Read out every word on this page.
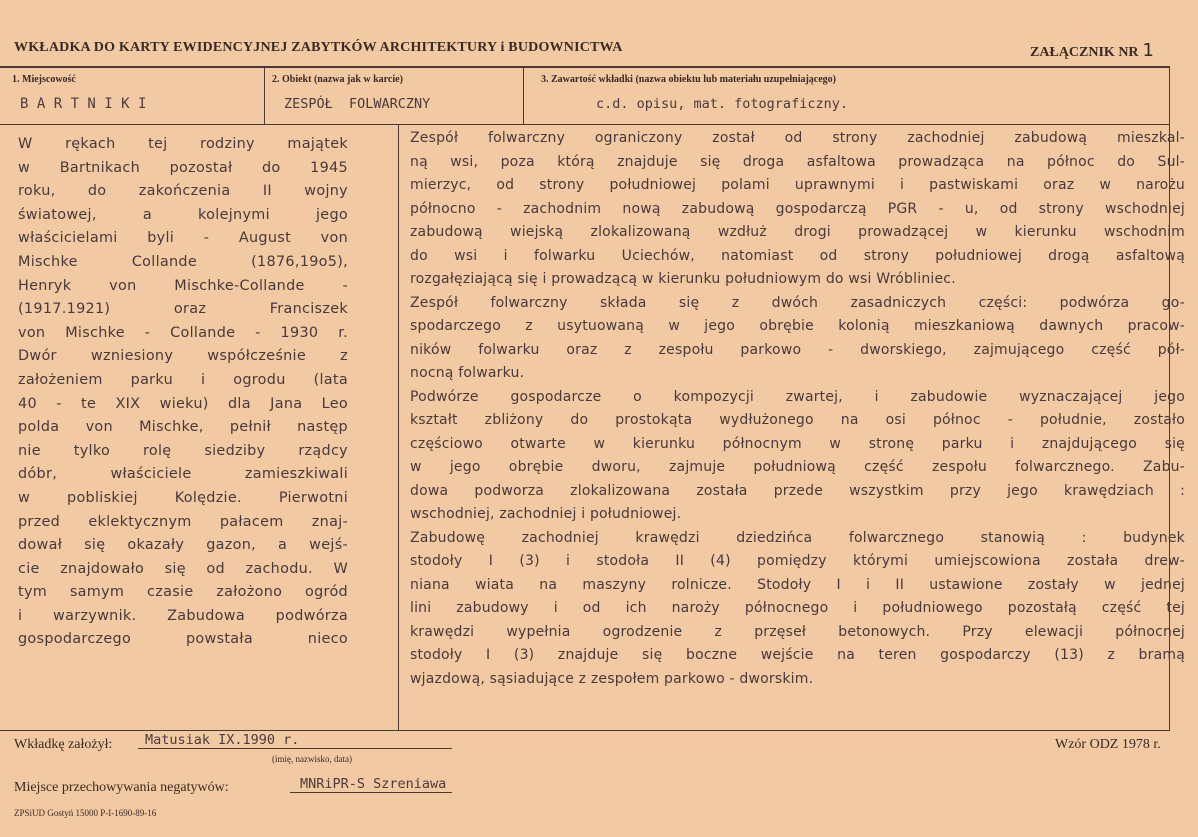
WKŁADKA DO KARTY EWIDENCYJNEJ ZABYTKÓW ARCHITEKTURY i BUDOWNICTWA	ZAŁĄCZNIK NR 1
1. Miejscowość	2. Obiekt (nazwa jak w karcie)	3. Zawartość wkładki (nazwa obiektu lub materiału uzupełniającego)
B A R T N I K I	ZESPÓŁ  FOLWARCZNY	c.d. opisu, mat. fotograficzny.
W rękach tej rodziny majątek
w Bartnikach pozostał do 1945
roku, do zakończenia II wojny
światowej, a kolejnymi jego
właścicielami byli - August von
Mischke Collande (1876,19o5),
Henryk von Mischke-Collande -
(1917.1921) oraz Franciszek
von Mischke - Collande - 1930 r.
Dwór wzniesiony współcześnie z
założeniem parku i ogrodu (lata
40 - te XIX wieku) dla Jana Leo
polda von Mischke, pełnił następ
nie tylko rolę siedziby rządcy
dóbr, właściciele zamieszkiwali
w pobliskiej Kolędzie. Pierwotni
przed eklektycznym pałacem znaj-
dował się okazały gazon, a wejś-
cie znajdowało się od zachodu. W
tym samym czasie założono ogród
i warzywnik. Zabudowa podwórza
gospodarczego powstała nieco
Zespół folwarczny ograniczony został od strony zachodniej zabudową mieszkal-
ną wsi, poza którą znajduje się droga asfaltowa prowadząca na północ do Sul-
mierzyc, od strony południowej polami uprawnymi i pastwiskami oraz w narożu
północno - zachodnim nową zabudową gospodarczą PGR - u, od strony wschodniej
zabudową wiejską zlokalizowaną wzdłuż drogi prowadzącej w kierunku wschodnim
do wsi i folwarku Uciechów, natomiast od strony południowej drogą asfaltową
rozgałęziającą się i prowadzącą w kierunku południowym do wsi Wróbliniec.
Zespół folwarczny składa się z dwóch zasadniczych części: podwórza go-
spodarczego z usytuowaną w jego obrębie kolonią mieszkaniową dawnych pracow-
ników folwarku oraz z zespołu parkowo - dworskiego, zajmującego część pół-
nocną folwarku.
Podwórze gospodarcze o kompozycji zwartej, i zabudowie wyznaczającej jego
kształt zbliżony do prostokąta wydłużonego na osi północ - południe, zostało
częściowo otwarte w kierunku północnym w stronę parku i znajdującego się
w jego obrębie dworu, zajmuje południową część zespołu folwarcznego. Zabu-
dowa podworza zlokalizowana została przede wszystkim przy jego krawędziach :
wschodniej, zachodniej i południowej.
Zabudowę zachodniej krawędzi dziedzińca folwarcznego stanowią : budynek
stodoły I (3) i stodoła II (4) pomiędzy którymi umiejscowiona została drew-
niana wiata na maszyny rolnicze. Stodoły I i II ustawione zostały w jednej
lini zabudowy i od ich naroży północnego i południowego pozostałą część tej
krawędzi wypełnia ogrodzenie z przęseł betonowych. Przy elewacji północnej
stodoły I (3) znajduje się boczne wejście na teren gospodarczy (13) z bramą
wjazdową, sąsiadujące z zespołem parkowo - dworskim.
Wkładkę założył: Matusiak IX.1990 r.
(imię, nazwisko, data)
Wzór ODZ 1978 r.
Miejsce przechowywania negatywów:	MNRiPR-S Szreniawa
ZPSiUD Gostyń 15000 P-I-1690-89-16
